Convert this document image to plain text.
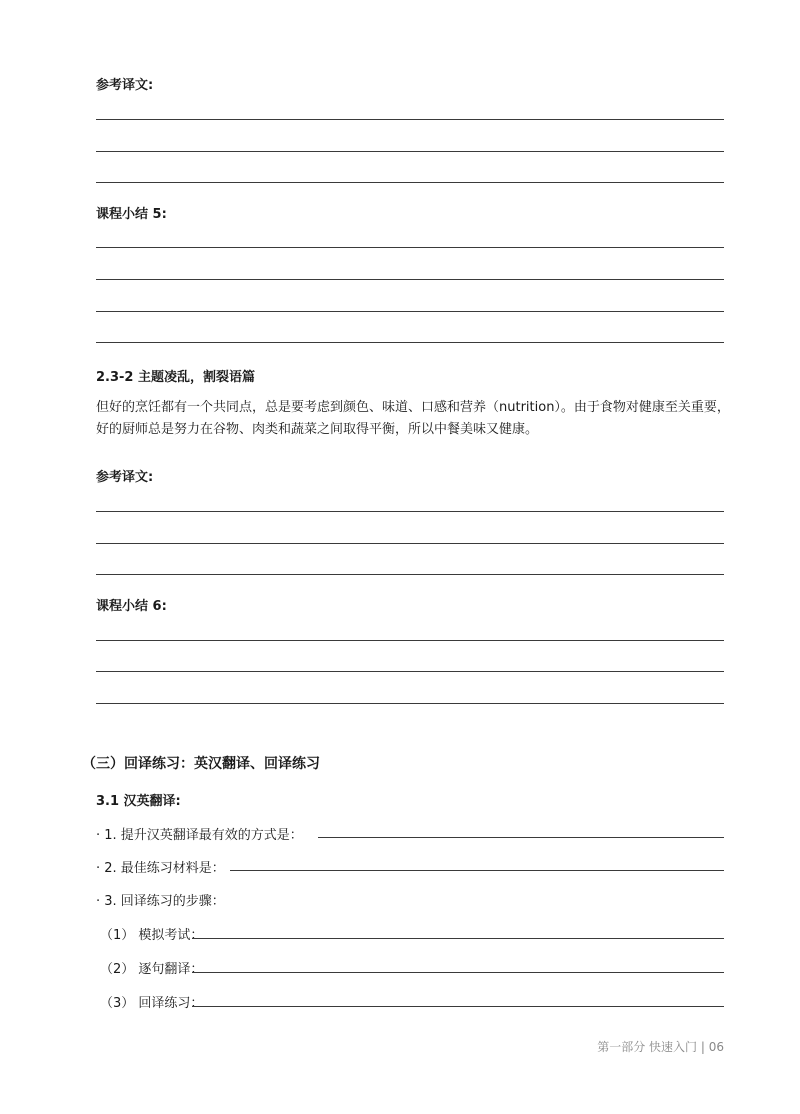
参考译文:
课程小结 5:
2.3-2 主题凌乱，割裂语篇
但好的烹饪都有一个共同点，总是要考虑到颜色、味道、口感和营养（nutrition）。由于食物对健康至关重要，
好的厨师总是努力在谷物、肉类和蔬菜之间取得平衡，所以中餐美味又健康。
参考译文:
课程小结 6:
（三）回译练习：英汉翻译、回译练习
3.1 汉英翻译:
· 1. 提升汉英翻译最有效的方式是：
· 2. 最佳练习材料是：
· 3. 回译练习的步骤：
（1） 模拟考试：
（2） 逐句翻译：
（3） 回译练习：
第一部分 快速入门 | 06
